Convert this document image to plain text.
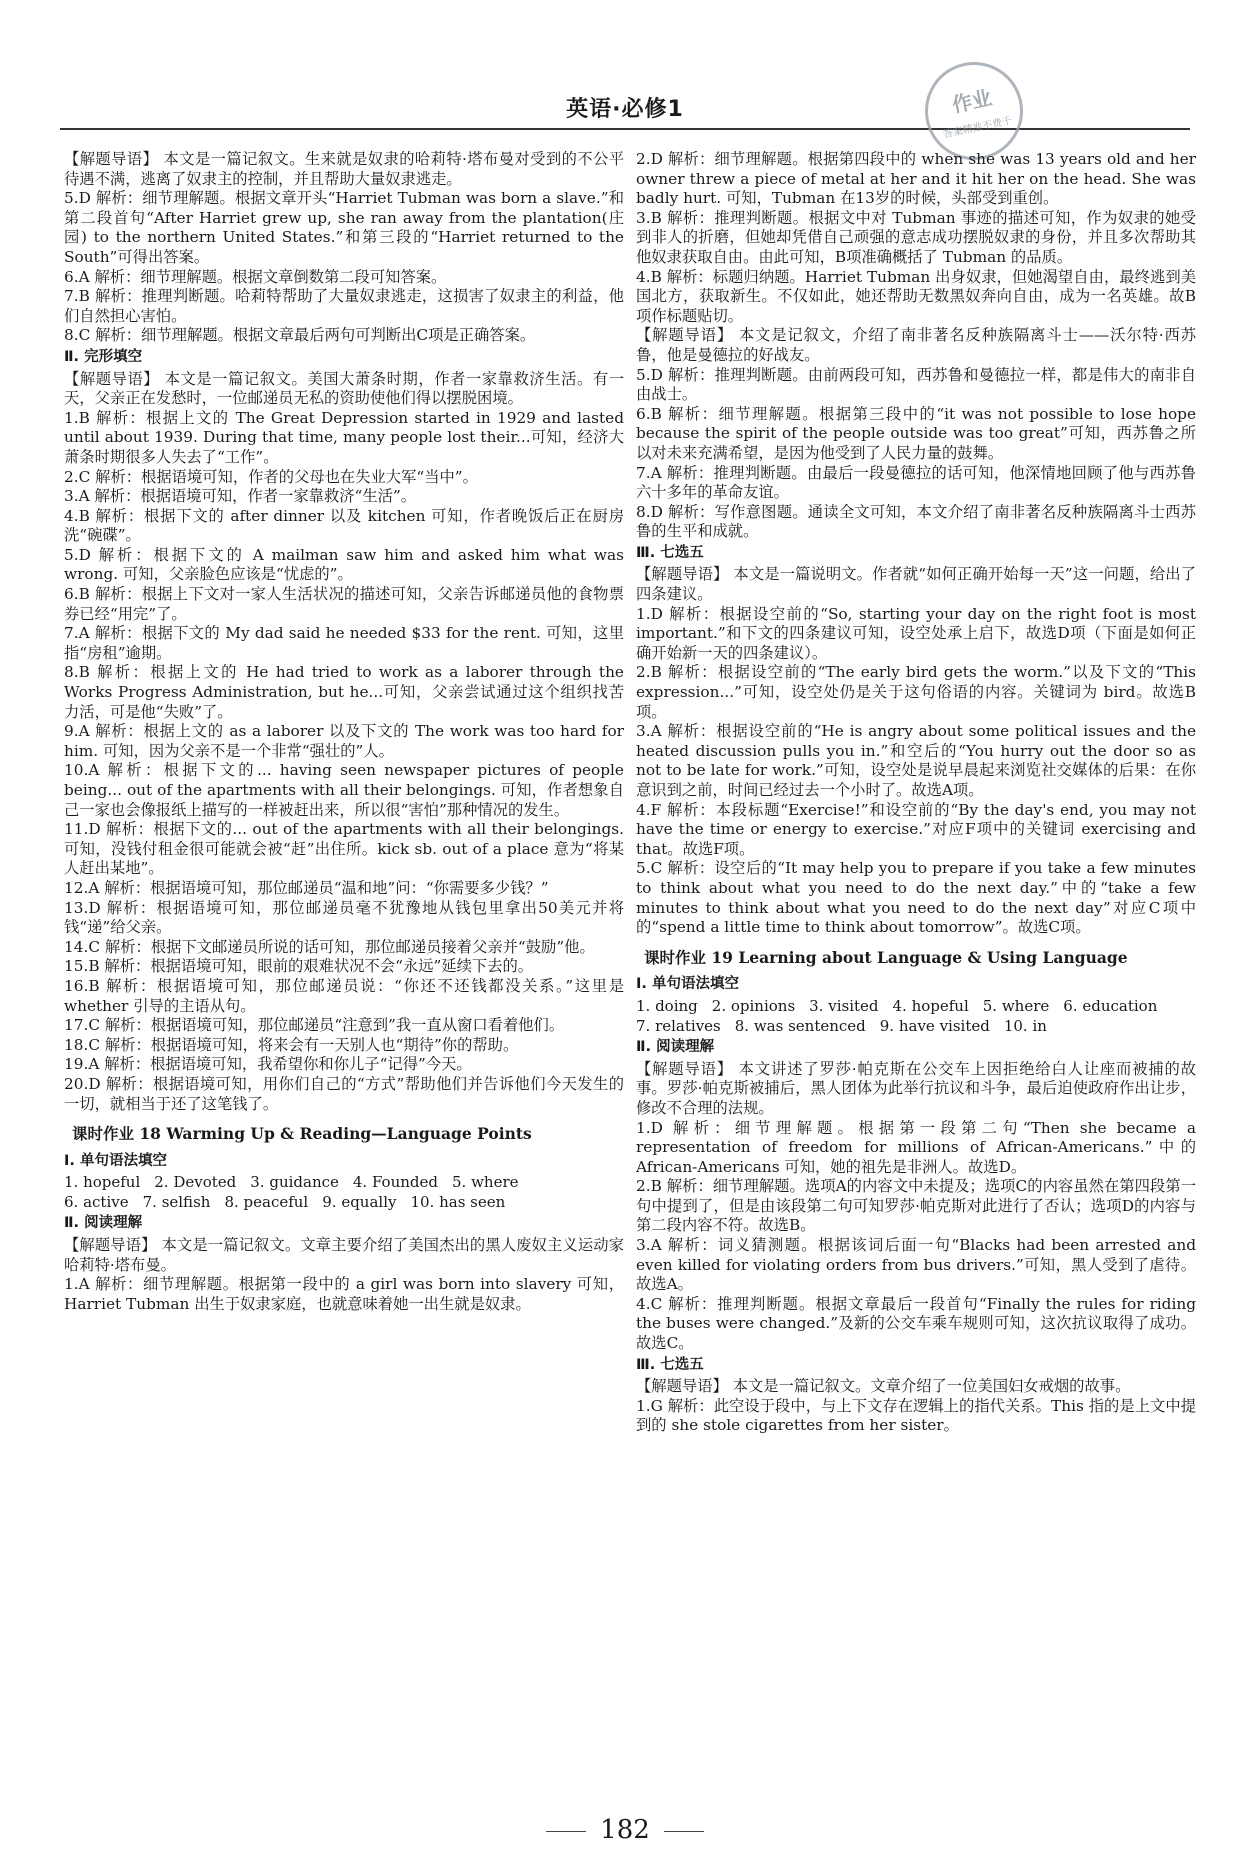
英语·必修1	作业
答案精准不费千

【解题导语】 本文是一篇记叙文。生来就是奴隶的哈莉特·塔布曼对受到的不公平待遇不满，逃离了奴隶主的控制，并且帮助大量奴隶逃走。

5.D 解析：细节理解题。根据文章开头“Harriet Tubman was born a slave.”和第二段首句“After Harriet grew up, she ran away from the plantation(庄园) to the northern United States.”和第三段的“Harriet returned to the South”可得出答案。

6.A 解析：细节理解题。根据文章倒数第二段可知答案。

7.B 解析：推理判断题。哈莉特帮助了大量奴隶逃走，这损害了奴隶主的利益，他们自然担心害怕。

8.C 解析：细节理解题。根据文章最后两句可判断出C项是正确答案。

Ⅱ. 完形填空

【解题导语】 本文是一篇记叙文。美国大萧条时期，作者一家靠救济生活。有一天，父亲正在发愁时，一位邮递员无私的资助使他们得以摆脱困境。

1.B 解析：根据上文的 The Great Depression started in 1929 and lasted until about 1939. During that time, many people lost their...可知，经济大萧条时期很多人失去了“工作”。

2.C 解析：根据语境可知，作者的父母也在失业大军“当中”。

3.A 解析：根据语境可知，作者一家靠救济“生活”。

4.B 解析：根据下文的 after dinner 以及 kitchen 可知，作者晚饭后正在厨房洗“碗碟”。

5.D 解析：根据下文的 A mailman saw him and asked him what was wrong. 可知，父亲脸色应该是“忧虑的”。

6.B 解析：根据上下文对一家人生活状况的描述可知，父亲告诉邮递员他的食物票券已经“用完”了。

7.A 解析：根据下文的 My dad said he needed $33 for the rent. 可知，这里指“房租”逾期。

8.B 解析：根据上文的 He had tried to work as a laborer through the Works Progress Administration, but he...可知，父亲尝试通过这个组织找苦力活，可是他“失败”了。

9.A 解析：根据上文的 as a laborer 以及下文的 The work was too hard for him. 可知，因为父亲不是一个非常“强壮的”人。

10.A 解析：根据下文的... having seen newspaper pictures of people being... out of the apartments with all their belongings. 可知，作者想象自己一家也会像报纸上描写的一样被赶出来，所以很“害怕”那种情况的发生。

11.D 解析：根据下文的... out of the apartments with all their belongings. 可知，没钱付租金很可能就会被“赶”出住所。kick sb. out of a place 意为“将某人赶出某地”。

12.A 解析：根据语境可知，那位邮递员“温和地”问：“你需要多少钱？”

13.D 解析：根据语境可知，那位邮递员毫不犹豫地从钱包里拿出50美元并将钱“递”给父亲。

14.C 解析：根据下文邮递员所说的话可知，那位邮递员接着父亲并“鼓励”他。

15.B 解析：根据语境可知，眼前的艰难状况不会“永远”延续下去的。

16.B 解析：根据语境可知，那位邮递员说：“你还不还钱都没关系。”这里是 whether 引导的主语从句。

17.C 解析：根据语境可知，那位邮递员“注意到”我一直从窗口看着他们。

18.C 解析：根据语境可知，将来会有一天别人也“期待”你的帮助。

19.A 解析：根据语境可知，我希望你和你儿子“记得”今天。

20.D 解析：根据语境可知，用你们自己的“方式”帮助他们并告诉他们今天发生的一切，就相当于还了这笔钱了。

课时作业 18 Warming Up & Reading—Language Points
Ⅰ. 单句语法填空
1. hopeful 2. Devoted 3. guidance 4. Founded 5. where
6. active 7. selfish 8. peaceful 9. equally 10. has seen
Ⅱ. 阅读理解

【解题导语】 本文是一篇记叙文。文章主要介绍了美国杰出的黑人废奴主义运动家哈莉特·塔布曼。

1.A 解析：细节理解题。根据第一段中的 a girl was born into slavery 可知，Harriet Tubman 出生于奴隶家庭，也就意味着她一出生就是奴隶。

2.D 解析：细节理解题。根据第四段中的 when she was 13 years old and her owner threw a piece of metal at her and it hit her on the head. She was badly hurt. 可知，Tubman 在13岁的时候，头部受到重创。

3.B 解析：推理判断题。根据文中对 Tubman 事迹的描述可知，作为奴隶的她受到非人的折磨，但她却凭借自己顽强的意志成功摆脱奴隶的身份，并且多次帮助其他奴隶获取自由。由此可知，B项准确概括了 Tubman 的品质。

4.B 解析：标题归纳题。Harriet Tubman 出身奴隶，但她渴望自由，最终逃到美国北方，获取新生。不仅如此，她还帮助无数黑奴奔向自由，成为一名英雄。故B项作标题贴切。

【解题导语】 本文是记叙文，介绍了南非著名反种族隔离斗士——沃尔特·西苏鲁，他是曼德拉的好战友。

5.D 解析：推理判断题。由前两段可知，西苏鲁和曼德拉一样，都是伟大的南非自由战士。

6.B 解析：细节理解题。根据第三段中的“it was not possible to lose hope because the spirit of the people outside was too great”可知，西苏鲁之所以对未来充满希望，是因为他受到了人民力量的鼓舞。

7.A 解析：推理判断题。由最后一段曼德拉的话可知，他深情地回顾了他与西苏鲁六十多年的革命友谊。

8.D 解析：写作意图题。通读全文可知，本文介绍了南非著名反种族隔离斗士西苏鲁的生平和成就。

Ⅲ. 七选五

【解题导语】 本文是一篇说明文。作者就“如何正确开始每一天”这一问题，给出了四条建议。

1.D 解析：根据设空前的“So, starting your day on the right foot is most important.”和下文的四条建议可知，设空处承上启下，故选D项（下面是如何正确开始新一天的四条建议）。

2.B 解析：根据设空前的“The early bird gets the worm.”以及下文的“This expression...”可知，设空处仍是关于这句俗语的内容。关键词为 bird。故选B项。

3.A 解析：根据设空前的“He is angry about some political issues and the heated discussion pulls you in.”和空后的“You hurry out the door so as not to be late for work.”可知，设空处是说早晨起来浏览社交媒体的后果：在你意识到之前，时间已经过去一个小时了。故选A项。

4.F 解析：本段标题“Exercise!”和设空前的“By the day's end, you may not have the time or energy to exercise.”对应F项中的关键词 exercising and that。故选F项。

5.C 解析：设空后的“It may help you to prepare if you take a few minutes to think about what you need to do the next day.”中的“take a few minutes to think about what you need to do the next day”对应C项中的“spend a little time to think about tomorrow”。故选C项。

课时作业 19 Learning about Language & Using Language
Ⅰ. 单句语法填空
1. doing 2. opinions 3. visited 4. hopeful 5. where 6. education
7. relatives 8. was sentenced 9. have visited 10. in
Ⅱ. 阅读理解

【解题导语】 本文讲述了罗莎·帕克斯在公交车上因拒绝给白人让座而被捕的故事。罗莎·帕克斯被捕后，黑人团体为此举行抗议和斗争，最后迫使政府作出让步，修改不合理的法规。

1.D 解析：细节理解题。根据第一段第二句“Then she became a representation of freedom for millions of African-Americans.”中的 African-Americans 可知，她的祖先是非洲人。故选D。

2.B 解析：细节理解题。选项A的内容文中未提及；选项C的内容虽然在第四段第一句中提到了，但是由该段第二句可知罗莎·帕克斯对此进行了否认；选项D的内容与第二段内容不符。故选B。

3.A 解析：词义猜测题。根据该词后面一句“Blacks had been arrested and even killed for violating orders from bus drivers.”可知，黑人受到了虐待。故选A。

4.C 解析：推理判断题。根据文章最后一段首句“Finally the rules for riding the buses were changed.”及新的公交车乘车规则可知，这次抗议取得了成功。故选C。

Ⅲ. 七选五

【解题导语】 本文是一篇记叙文。文章介绍了一位美国妇女戒烟的故事。

1.G 解析：此空设于段中，与上下文存在逻辑上的指代关系。This 指的是上文中提到的 she stole cigarettes from her sister。

182
